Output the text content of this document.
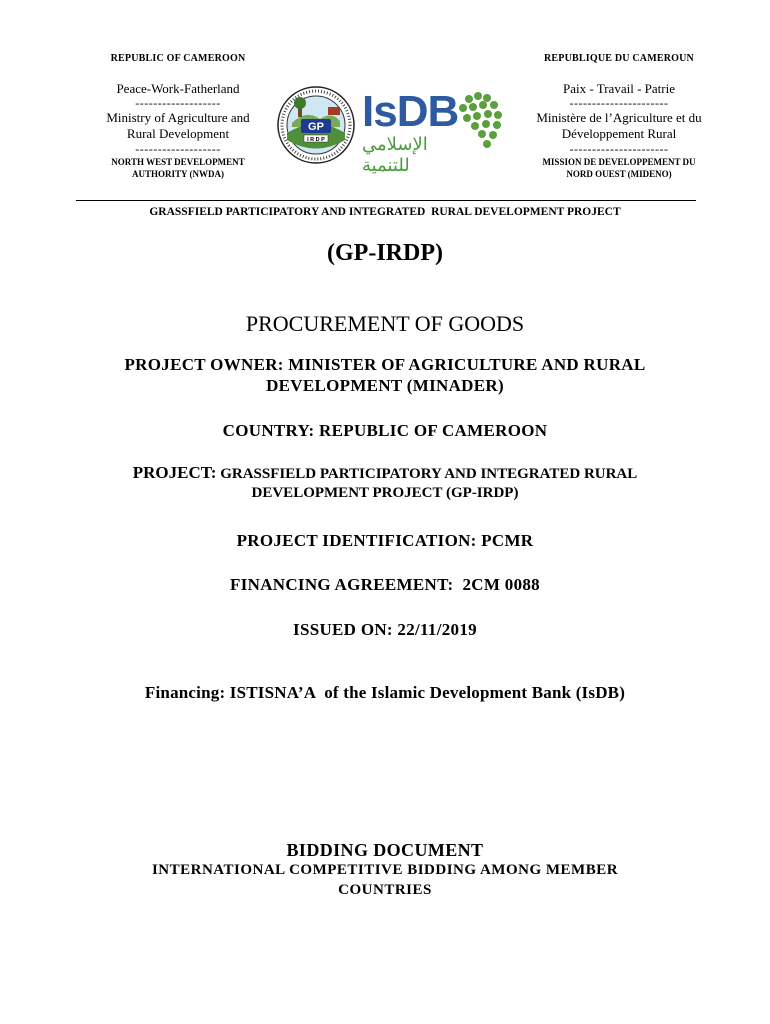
REPUBLIC OF CAMEROON
Peace-Work-Fatherland
-------------------
Ministry of Agriculture and
Rural Development
-------------------
NORTH WEST DEVELOPMENT
AUTHORITY (NWDA)
REPUBLIQUE DU CAMEROUN
Paix - Travail - Patrie
----------------------
Ministère de l’Agriculture et du
Développement Rural
----------------------
MISSION DE DEVELOPPEMENT DU
NORD OUEST (MIDENO)
GP
I R D P
IsDB
الإسلامي للتنمية
GRASSFIELD PARTICIPATORY AND INTEGRATED  RURAL DEVELOPMENT PROJECT
(GP-IRDP)
PROCUREMENT OF GOODS
PROJECT OWNER: MINISTER OF AGRICULTURE AND RURAL
DEVELOPMENT (MINADER)
COUNTRY: REPUBLIC OF CAMEROON
PROJECT: GRASSFIELD PARTICIPATORY AND INTEGRATED RURAL
DEVELOPMENT PROJECT (GP-IRDP)
PROJECT IDENTIFICATION: PCMR
FINANCING AGREEMENT:  2CM 0088
ISSUED ON: 22/11/2019
Financing: ISTISNA’A  of the Islamic Development Bank (IsDB)
BIDDING DOCUMENT
INTERNATIONAL COMPETITIVE BIDDING AMONG MEMBER
COUNTRIES
